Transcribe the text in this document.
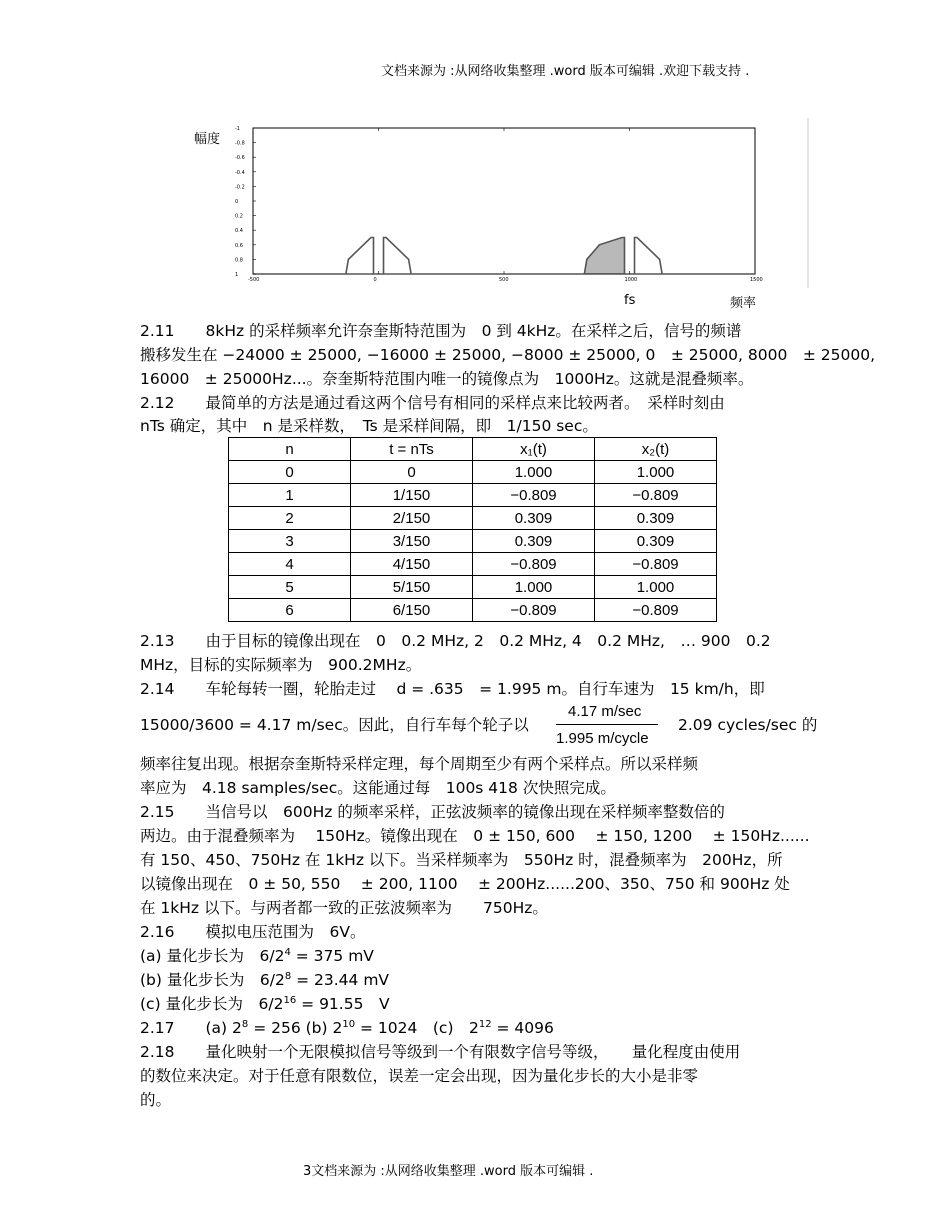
文档来源为 :从网络收集整理 .word 版本可编辑 .欢迎下载支持 .
幅度
1
0.8
0.6
0.4
0.2
0
-0.2
-0.4
-0.6
-0.8
-1
-500	0	500	1000	1500
fs	频率
2.11　　8kHz 的采样频率允许奈奎斯特范围为　0 到 4kHz。在采样之后，信号的频谱
搬移发生在 −24000 ± 25000, −16000 ± 25000, −8000 ± 25000, 0　± 25000, 8000　± 25000,
16000　± 25000Hz...。奈奎斯特范围内唯一的镜像点为　1000Hz。这就是混叠频率。
2.12　　最简单的方法是通过看这两个信号有相同的采样点来比较两者。　采样时刻由
nTs 确定，其中　n 是采样数，　Ts 是采样间隔，即　1/150 sec。
n	t = nTs	x₁(t)	x₂(t)
0	0	1.000	1.000
1	1/150	−0.809	−0.809
2	2/150	0.309	0.309
3	3/150	0.309	0.309
4	4/150	−0.809	−0.809
5	5/150	1.000	1.000
6	6/150	−0.809	−0.809
2.13　　由于目标的镜像出现在　0　0.2 MHz, 2　0.2 MHz, 4　0.2 MHz,　… 900　0.2
MHz，目标的实际频率为　900.2MHz。
2.14　　车轮每转一圈，轮胎走过　 d = .635　= 1.995 m。自行车速为　15 km/h，即
15000/3600 = 4.17 m/sec。因此，自行车每个轮子以
4.17 m/sec
1.995 m/cycle
2.09 cycles/sec 的
频率往复出现。根据奈奎斯特采样定理，每个周期至少有两个采样点。所以采样频
率应为　4.18 samples/sec。这能通过每　100s 418 次快照完成。
2.15　　当信号以　600Hz 的频率采样，正弦波频率的镜像出现在采样频率整数倍的
两边。由于混叠频率为　 150Hz。镜像出现在　0 ± 150, 600　 ± 150, 1200　 ± 150Hz......
有 150、450、750Hz 在 1kHz 以下。当采样频率为　550Hz 时，混叠频率为　200Hz，所
以镜像出现在　0 ± 50, 550　 ± 200, 1100　 ± 200Hz......200、350、750 和 900Hz 处
在 1kHz 以下。与两者都一致的正弦波频率为　　750Hz。
2.16　　模拟电压范围为　6V。
(a) 量化步长为　$6/2^4 = 375$ mV
(b) 量化步长为　$6/2^8 = 23.44$ mV
(c) 量化步长为　$6/2^{16} = 91.55$　V
2.17　　(a) $2^8 = 256$ (b) $2^{10} = 1024$　(c)　$2^{12} = 4096$
2.18　　量化映射一个无限模拟信号等级到一个有限数字信号等级，　　量化程度由使用
的数位来决定。对于任意有限数位，误差一定会出现，因为量化步长的大小是非零
的。
3文档来源为 :从网络收集整理 .word 版本可编辑 .
